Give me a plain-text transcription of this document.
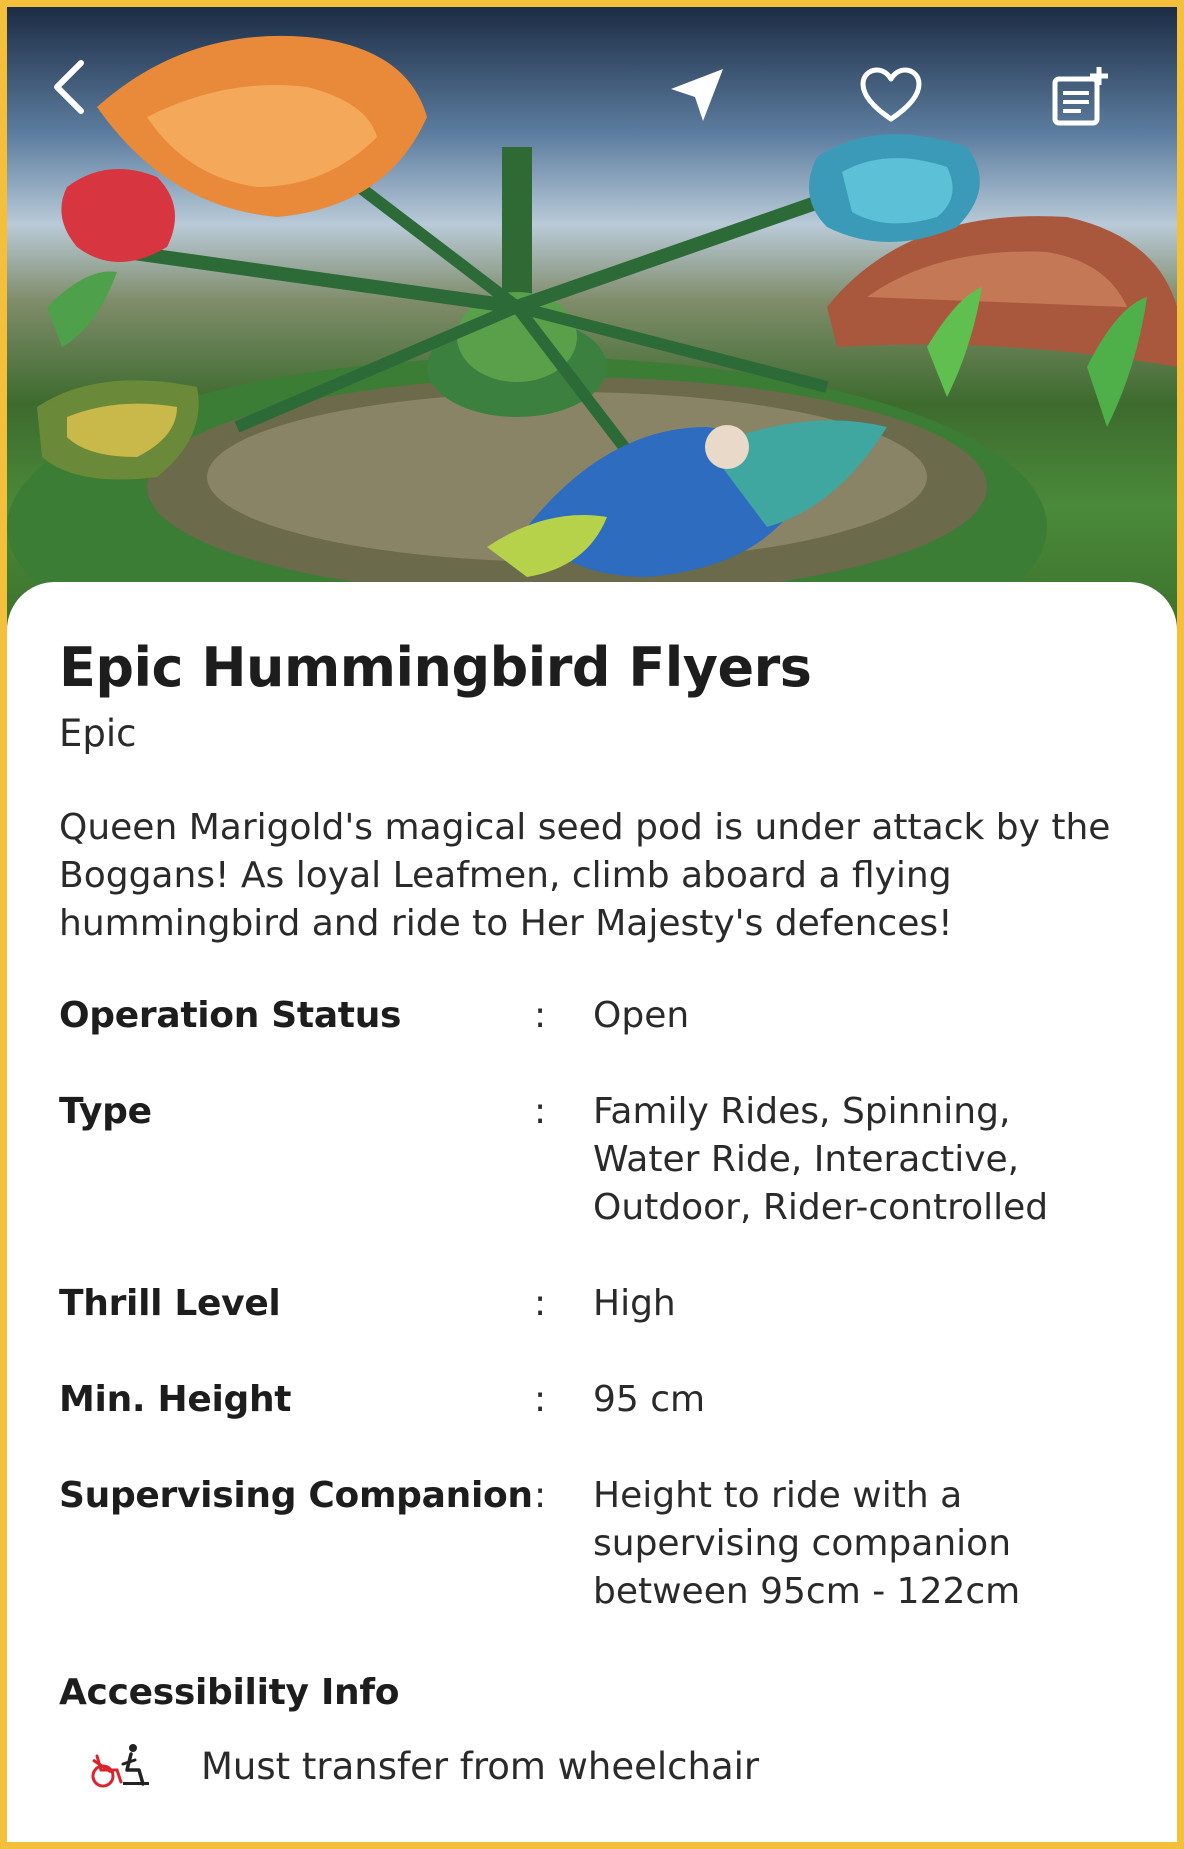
Epic Hummingbird Flyers
Epic
Queen Marigold's magical seed pod is under attack by the Boggans! As loyal Leafmen, climb aboard a flying hummingbird and ride to Her Majesty's defences!
Operation Status	:	Open
Type	:	Family Rides, Spinning, Water Ride, Interactive, Outdoor, Rider-controlled
Thrill Level	:	High
Min. Height	:	95 cm
Supervising Companion :	Height to ride with a supervising companion between 95cm - 122cm
Accessibility Info
Must transfer from wheelchair
